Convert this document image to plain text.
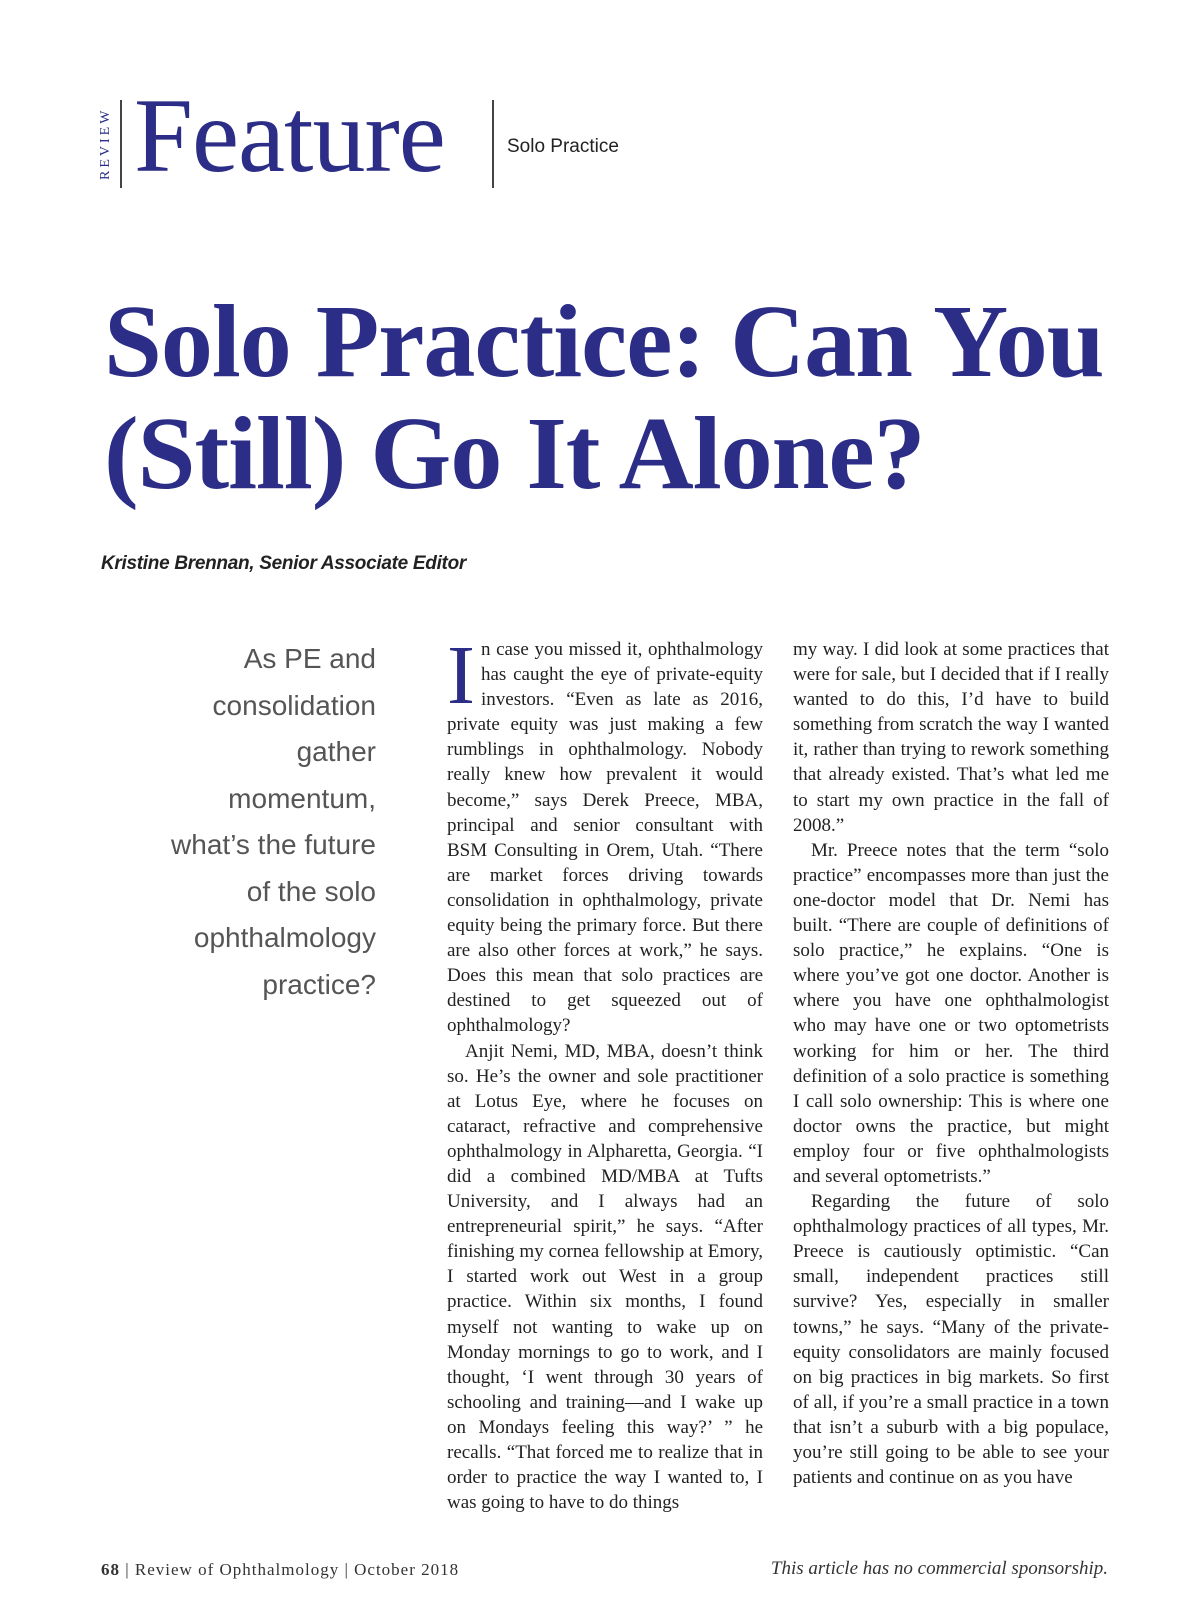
REVIEW Feature	Solo Practice
Solo Practice: Can You
(Still) Go It Alone?
Kristine Brennan, Senior Associate Editor
As PE and
consolidation
gather
momentum,
what’s the future
of the solo
ophthalmology
practice?

In case you missed it, ophthalmology has caught the eye of private-equity investors. “Even as late as 2016, private equity was just making a few rumblings in ophthalmology. Nobody really knew how prevalent it would become,” says Derek Preece, MBA, principal and senior consultant with BSM Consulting in Orem, Utah. “There are market forces driving towards consolidation in ophthalmology, private equity being the primary force. But there are also other forces at work,” he says. Does this mean that solo practices are destined to get squeezed out of ophthalmology?

Anjit Nemi, MD, MBA, doesn’t think so. He’s the owner and sole practitioner at Lotus Eye, where he focuses on cataract, refractive and comprehensive ophthalmology in Alpharetta, Georgia. “I did a combined MD/MBA at Tufts University, and I always had an entrepreneurial spirit,” he says. “After finishing my cornea fellowship at Emory, I started work out West in a group practice. Within six months, I found myself not wanting to wake up on Monday mornings to go to work, and I thought, ‘I went through 30 years of schooling and training—and I wake up on Mondays feeling this way?’ ” he recalls. “That forced me to realize that in order to practice the way I wanted to, I was going to have to do things

my way. I did look at some practices that were for sale, but I decided that if I really wanted to do this, I’d have to build something from scratch the way I wanted it, rather than trying to rework something that already existed. That’s what led me to start my own practice in the fall of 2008.”

Mr. Preece notes that the term “solo practice” encompasses more than just the one-doctor model that Dr. Nemi has built. “There are couple of definitions of solo practice,” he explains. “One is where you’ve got one doctor. Another is where you have one ophthalmologist who may have one or two optometrists working for him or her. The third definition of a solo practice is something I call solo ownership: This is where one doctor owns the practice, but might employ four or five ophthalmologists and several optometrists.”

Regarding the future of solo ophthalmology practices of all types, Mr. Preece is cautiously optimistic. “Can small, independent practices still survive? Yes, especially in smaller towns,” he says. “Many of the private-equity consolidators are mainly focused on big practices in big markets. So first of all, if you’re a small practice in a town that isn’t a suburb with a big populace, you’re still going to be able to see your patients and continue on as you have

68 | Review of Ophthalmology | October 2018	This article has no commercial sponsorship.
